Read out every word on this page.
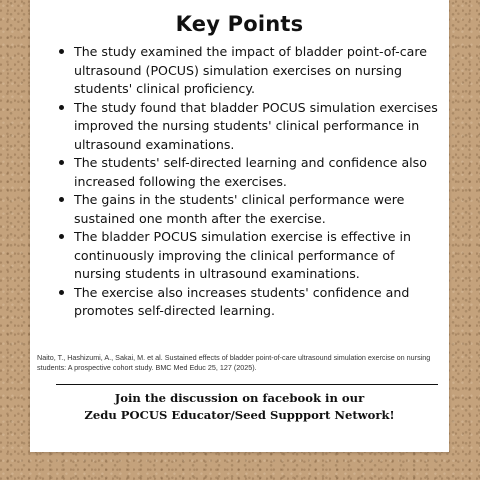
Key Points
The study examined the impact of bladder point-of-care ultrasound (POCUS) simulation exercises on nursing students' clinical proficiency.
The study found that bladder POCUS simulation exercises improved the nursing students' clinical performance in ultrasound examinations.
The students' self-directed learning and confidence also increased following the exercises.
The gains in the students' clinical performance were sustained one month after the exercise.
The bladder POCUS simulation exercise is effective in continuously improving the clinical performance of nursing students in ultrasound examinations.
The exercise also increases students' confidence and promotes self-directed learning.
Naito, T., Hashizumi, A., Sakai, M. et al. Sustained effects of bladder point-of-care ultrasound simulation exercise on nursing students: A prospective cohort study. BMC Med Educ 25, 127 (2025).
Join the discussion on facebook in our
Zedu POCUS Educator/Seed Suppport Network!
